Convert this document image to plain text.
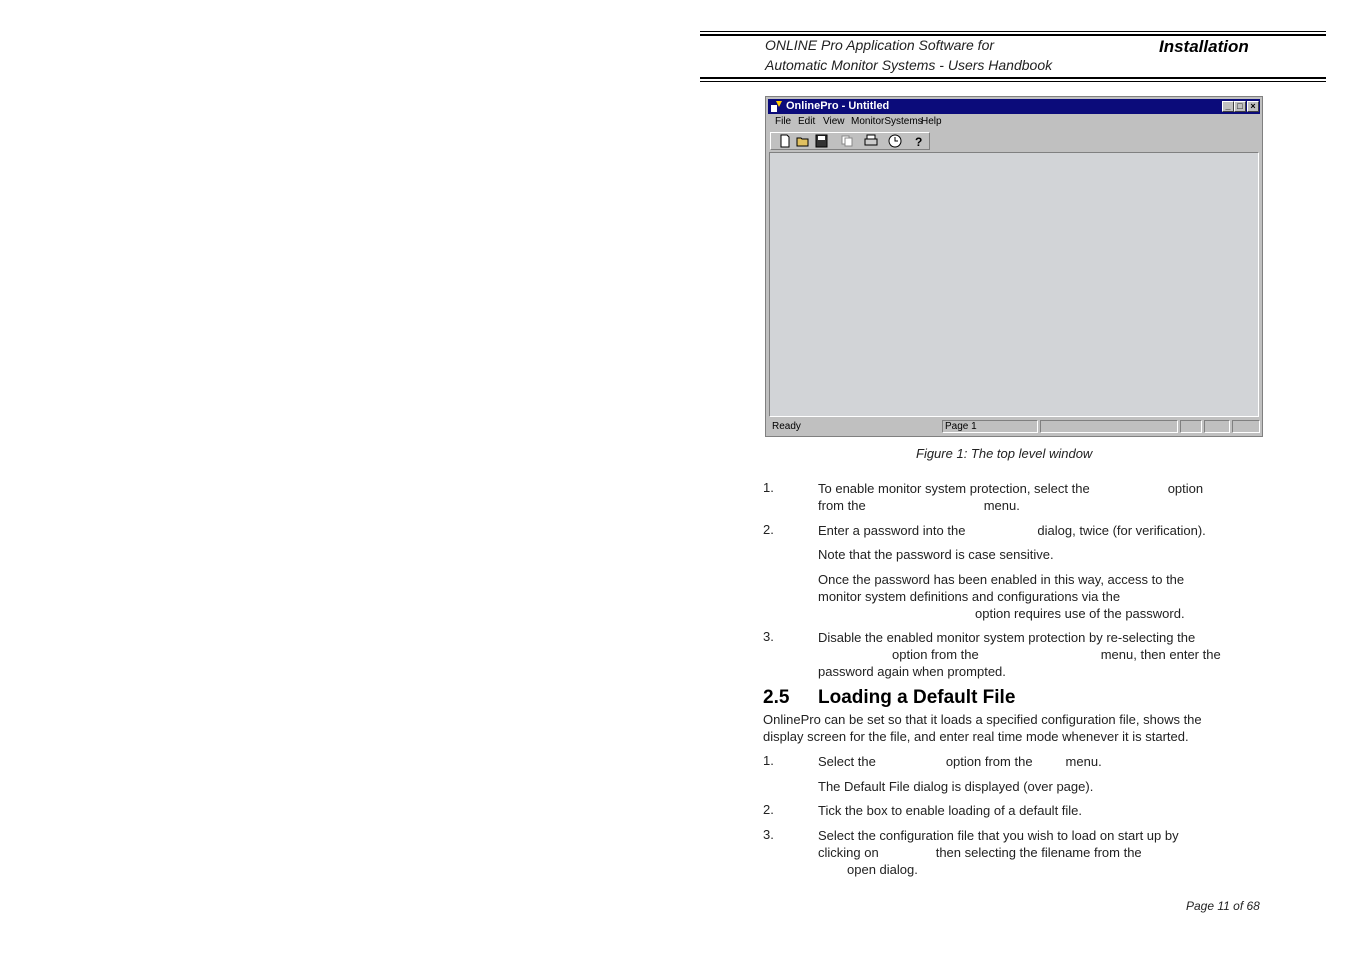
ONLINE Pro Application Software for
Automatic Monitor Systems - Users Handbook
Installation
OnlinePro - Untitled	_ □ ×
File Edit View MonitorSystems
Help
?
Ready	Page 1
Figure 1: The top level window
1.	To enable monitor system protection, select the	option
from the	menu.
2.	Enter a password into the	dialog, twice (for verification).
Note that the password is case sensitive.
Once the password has been enabled in this way, access to the
monitor system definitions and configurations via the
option requires use of the password.
3.	Disable the enabled monitor system protection by re-selecting the
option from the	menu, then enter the
password again when prompted.
2.5 Loading a Default File
OnlinePro can be set so that it loads a specified configuration file, shows the
display screen for the file, and enter real time mode whenever it is started.
1.	Select the	option from the	menu.
The Default File dialog is displayed (over page).
2.	Tick the box to enable loading of a default file.
3.	Select the configuration file that you wish to load on start up by
clicking on	then selecting the filename from the
open dialog.
Page 11 of 68
